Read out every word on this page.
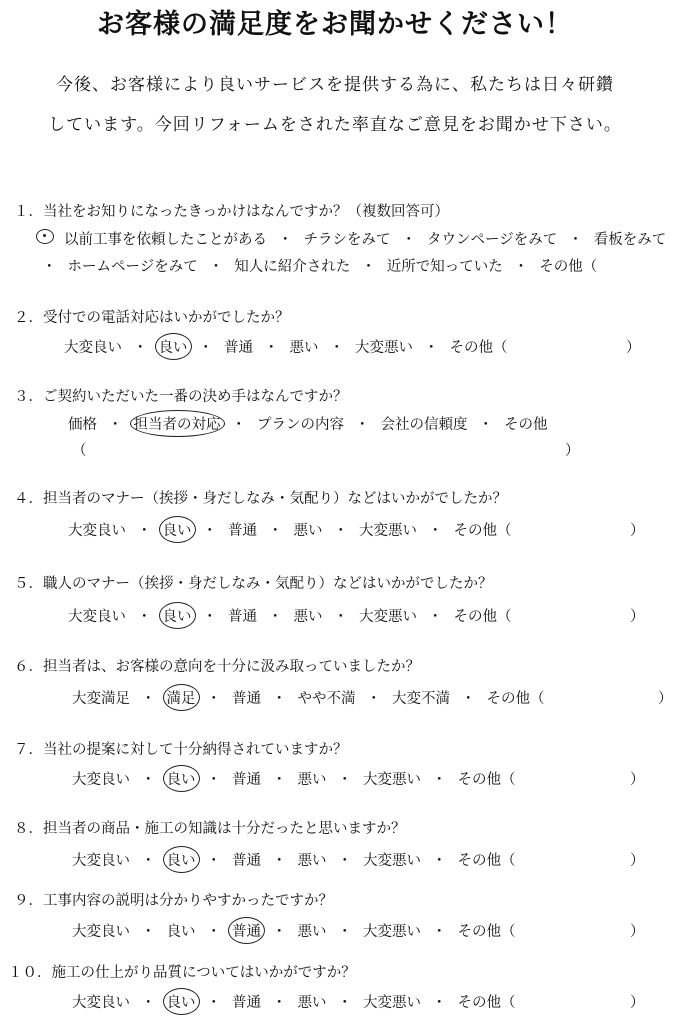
お客様の満足度をお聞かせください！
今後、お客様により良いサービスを提供する為に、私たちは日々研鑽
しています。今回リフォームをされた率直なご意見をお聞かせ下さい。
１．当社をお知りになったきっかけはなんですか？（複数回答可）
以前工事を依頼したことがある ・ チラシをみて ・ タウンページをみて ・ 看板をみて
・ ホームページをみて ・ 知人に紹介された ・ 近所で知っていた ・ その他（
２．受付での電話対応はいかがでしたか？
大変良い ・ 良い ・ 普通 ・ 悪い ・ 大変悪い ・ その他（	）
３．ご契約いただいた一番の決め手はなんですか？
価格 ・ 担当者の対応 ・ プランの内容 ・ 会社の信頼度 ・ その他
（	）
４．担当者のマナー（挨拶・身だしなみ・気配り）などはいかがでしたか？
大変良い ・ 良い ・ 普通 ・ 悪い ・ 大変悪い ・ その他（	）
５．職人のマナー（挨拶・身だしなみ・気配り）などはいかがでしたか？
大変良い ・ 良い ・ 普通 ・ 悪い ・ 大変悪い ・ その他（	）
６．担当者は、お客様の意向を十分に汲み取っていましたか？
大変満足 ・ 満足 ・ 普通 ・ やや不満 ・ 大変不満 ・ その他（	）
７．当社の提案に対して十分納得されていますか？
大変良い ・ 良い ・ 普通 ・ 悪い ・ 大変悪い ・ その他（	）
８．担当者の商品・施工の知識は十分だったと思いますか？
大変良い ・ 良い ・ 普通 ・ 悪い ・ 大変悪い ・ その他（	）
９．工事内容の説明は分かりやすかったですか？
大変良い ・ 良い ・ 普通 ・ 悪い ・ 大変悪い ・ その他（	）
１０．施工の仕上がり品質についてはいかがですか？
大変良い ・ 良い ・ 普通 ・ 悪い ・ 大変悪い ・ その他（	）
